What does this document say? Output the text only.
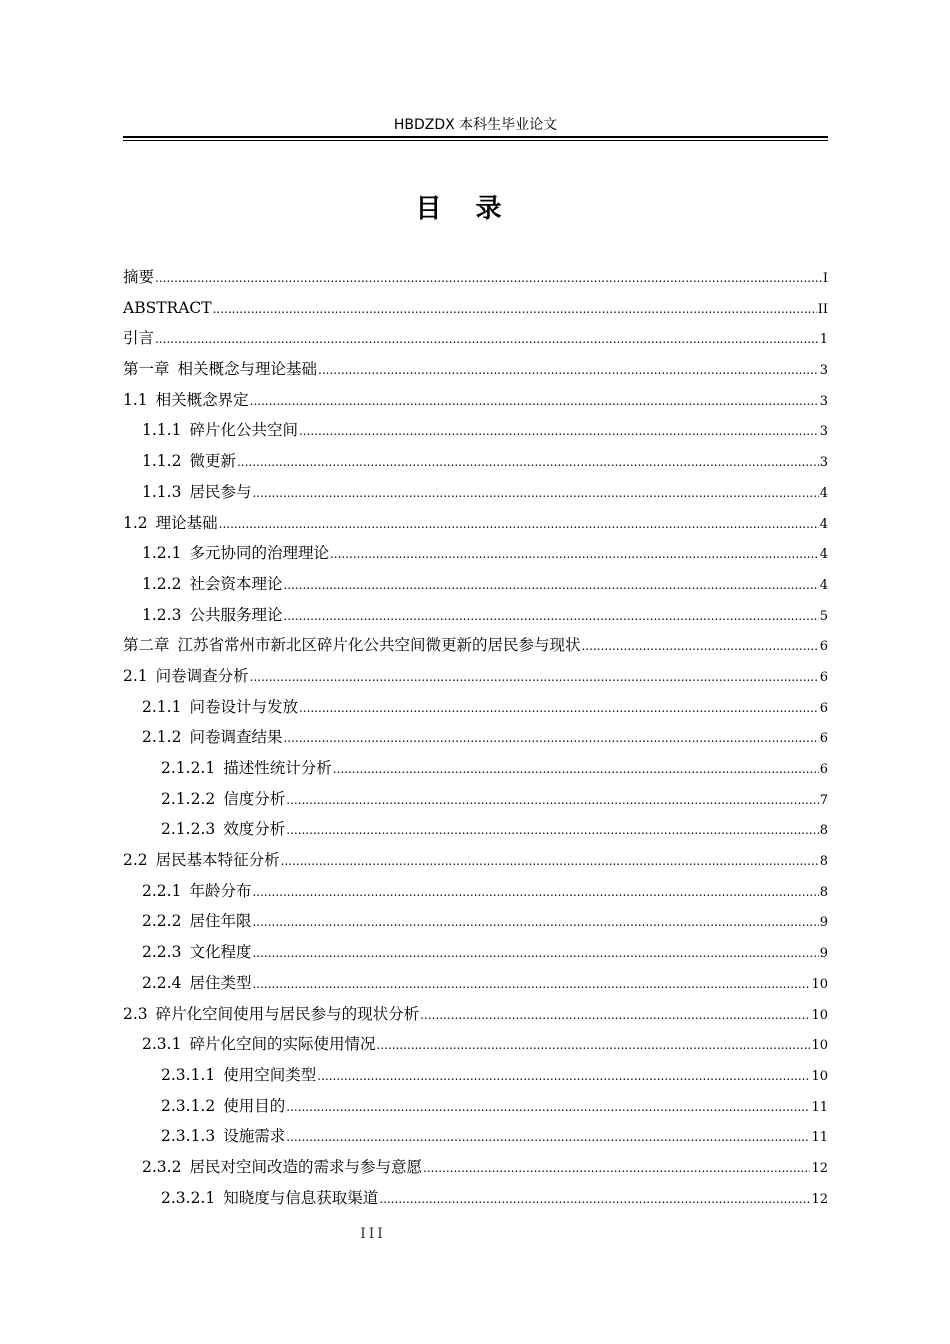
HBDZDX 本科生毕业论文
目录
摘要 .....	I
ABSTRACT .....	II
引言 .....	1
第一章 相关概念与理论基础 .....	3
1.1 相关概念界定 .....	3
1.1.1 碎片化公共空间 .....	3
1.1.2 微更新 .....	3
1.1.3 居民参与 .....	4
1.2 理论基础 .....	4
1.2.1 多元协同的治理理论 .....	4
1.2.2 社会资本理论 .....	4
1.2.3 公共服务理论 .....	5
第二章 江苏省常州市新北区碎片化公共空间微更新的居民参与现状 .....	6
2.1 问卷调查分析 .....	6
2.1.1 问卷设计与发放 .....	6
2.1.2 问卷调查结果 .....	6
2.1.2.1 描述性统计分析 .....	6
2.1.2.2 信度分析 .....	7
2.1.2.3 效度分析 .....	8
2.2 居民基本特征分析 .....	8
2.2.1 年龄分布 .....	8
2.2.2 居住年限 .....	9
2.2.3 文化程度 .....	9
2.2.4 居住类型 .....	10
2.3 碎片化空间使用与居民参与的现状分析 .....	10
2.3.1 碎片化空间的实际使用情况 .....	10
2.3.1.1 使用空间类型 .....	10
2.3.1.2 使用目的 .....	11
2.3.1.3 设施需求 .....	11
2.3.2 居民对空间改造的需求与参与意愿 .....	12
2.3.2.1 知晓度与信息获取渠道 .....	12
III
